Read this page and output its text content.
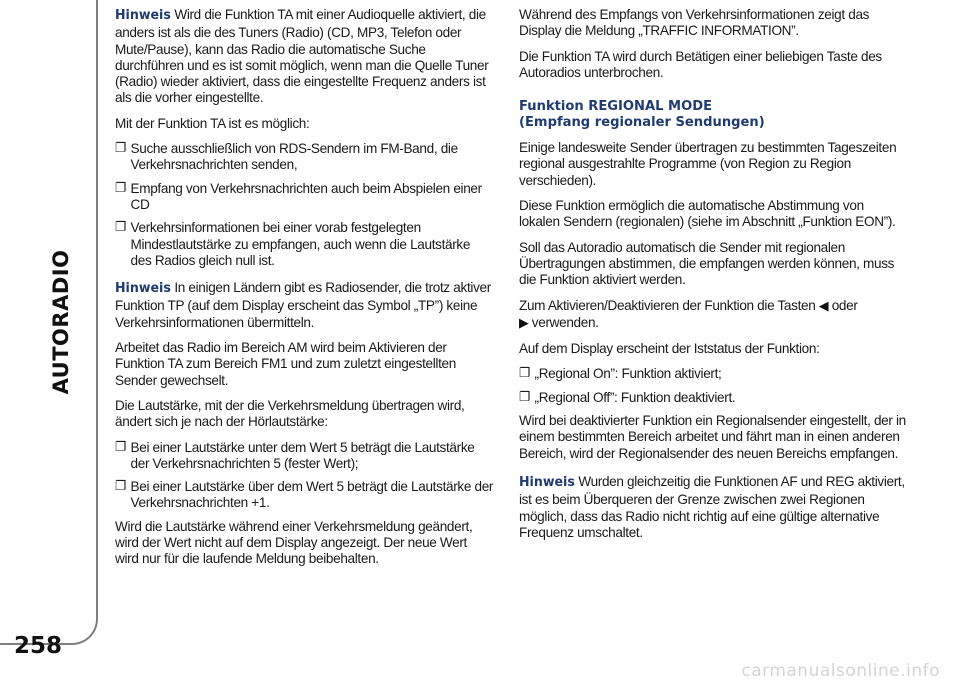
AUTORADIO
258

Hinweis Wird die Funktion TA mit einer Audioquelle aktiviert, die anders ist als die des Tuners (Radio) (CD, MP3, Telefon oder Mute/Pause), kann das Radio die automatische Suche durchführen und es ist somit möglich, wenn man die Quelle Tuner (Radio) wieder aktiviert, dass die eingestellte Frequenz anders ist als die vorher eingestellte.

Mit der Funktion TA ist es möglich:

❐ Suche ausschließlich von RDS-Sendern im FM-Band, die Verkehrsnachrichten senden,
❐ Empfang von Verkehrsnachrichten auch beim Abspielen einer CD
❐ Verkehrsinformationen bei einer vorab festgelegten Mindestlautstärke zu empfangen, auch wenn die Lautstärke des Radios gleich null ist.

Hinweis In einigen Ländern gibt es Radiosender, die trotz aktiver Funktion TP (auf dem Display erscheint das Symbol „TP”) keine Verkehrsinformationen übermitteln.

Arbeitet das Radio im Bereich AM wird beim Aktivieren der Funktion TA zum Bereich FM1 und zum zuletzt eingestellten Sender gewechselt.

Die Lautstärke, mit der die Verkehrsmeldung übertragen wird, ändert sich je nach der Hörlautstärke:

❐ Bei einer Lautstärke unter dem Wert 5 beträgt die Lautstärke der Verkehrsnachrichten 5 (fester Wert);
❐ Bei einer Lautstärke über dem Wert 5 beträgt die Lautstärke der Verkehrsnachrichten +1.

Wird die Lautstärke während einer Verkehrsmeldung geändert, wird der Wert nicht auf dem Display angezeigt. Der neue Wert wird nur für die laufende Meldung beibehalten.

Während des Empfangs von Verkehrsinformationen zeigt das Display die Meldung „TRAFFIC INFORMATION”.

Die Funktion TA wird durch Betätigen einer beliebigen Taste des Autoradios unterbrochen.

Funktion REGIONAL MODE
(Empfang regionaler Sendungen)

Einige landesweite Sender übertragen zu bestimmten Tageszeiten regional ausgestrahlte Programme (von Region zu Region verschieden).

Diese Funktion ermöglich die automatische Abstimmung von lokalen Sendern (regionalen) (siehe im Abschnitt „Funktion EON”).

Soll das Autoradio automatisch die Sender mit regionalen Übertragungen abstimmen, die empfangen werden können, muss die Funktion aktiviert werden.

Zum Aktivieren/Deaktivieren der Funktion die Tasten ◀ oder
▶ verwenden.

Auf dem Display erscheint der Iststatus der Funktion:

❐ „Regional On”: Funktion aktiviert;
❐ „Regional Off”: Funktion deaktiviert.

Wird bei deaktivierter Funktion ein Regionalsender eingestellt, der in einem bestimmten Bereich arbeitet und fährt man in einen anderen Bereich, wird der Regionalsender des neuen Bereichs empfangen.

Hinweis Wurden gleichzeitig die Funktionen AF und REG aktiviert, ist es beim Überqueren der Grenze zwischen zwei Regionen möglich, dass das Radio nicht richtig auf eine gültige alternative Frequenz umschaltet.

carmanualsonline.info
